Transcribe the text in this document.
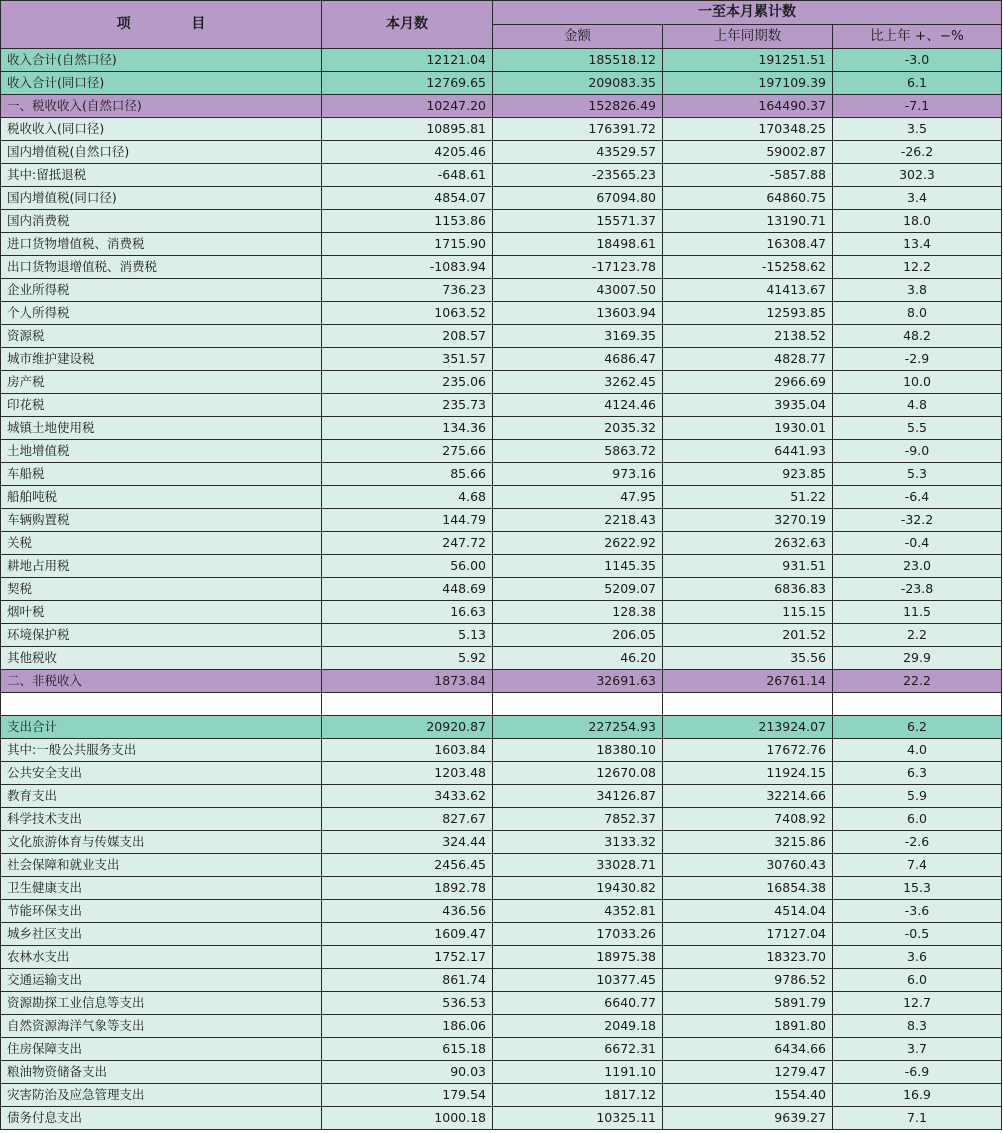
项 目	本月数	一至本月累计数		
		金额	上年同期数	比上年 +、−%
收入合计(自然口径)	12121.04	185518.12	191251.51	-3.0
收入合计(同口径)	12769.65	209083.35	197109.39	6.1
一、税收收入(自然口径)	10247.20	152826.49	164490.37	-7.1
税收收入(同口径)	10895.81	176391.72	170348.25	3.5
国内增值税(自然口径)	4205.46	43529.57	59002.87	-26.2
其中:留抵退税	-648.61	-23565.23	-5857.88	302.3
国内增值税(同口径)	4854.07	67094.80	64860.75	3.4
国内消费税	1153.86	15571.37	13190.71	18.0
进口货物增值税、消费税	1715.90	18498.61	16308.47	13.4
出口货物退增值税、消费税	-1083.94	-17123.78	-15258.62	12.2
企业所得税	736.23	43007.50	41413.67	3.8
个人所得税	1063.52	13603.94	12593.85	8.0
资源税	208.57	3169.35	2138.52	48.2
城市维护建设税	351.57	4686.47	4828.77	-2.9
房产税	235.06	3262.45	2966.69	10.0
印花税	235.73	4124.46	3935.04	4.8
城镇土地使用税	134.36	2035.32	1930.01	5.5
土地增值税	275.66	5863.72	6441.93	-9.0
车船税	85.66	973.16	923.85	5.3
船舶吨税	4.68	47.95	51.22	-6.4
车辆购置税	144.79	2218.43	3270.19	-32.2
关税	247.72	2622.92	2632.63	-0.4
耕地占用税	56.00	1145.35	931.51	23.0
契税	448.69	5209.07	6836.83	-23.8
烟叶税	16.63	128.38	115.15	11.5
环境保护税	5.13	206.05	201.52	2.2
其他税收	5.92	46.20	35.56	29.9
二、非税收入	1873.84	32691.63	26761.14	22.2

支出合计	20920.87	227254.93	213924.07	6.2
其中:一般公共服务支出	1603.84	18380.10	17672.76	4.0
公共安全支出	1203.48	12670.08	11924.15	6.3
教育支出	3433.62	34126.87	32214.66	5.9
科学技术支出	827.67	7852.37	7408.92	6.0
文化旅游体育与传媒支出	324.44	3133.32	3215.86	-2.6
社会保障和就业支出	2456.45	33028.71	30760.43	7.4
卫生健康支出	1892.78	19430.82	16854.38	15.3
节能环保支出	436.56	4352.81	4514.04	-3.6
城乡社区支出	1609.47	17033.26	17127.04	-0.5
农林水支出	1752.17	18975.38	18323.70	3.6
交通运输支出	861.74	10377.45	9786.52	6.0
资源勘探工业信息等支出	536.53	6640.77	5891.79	12.7
自然资源海洋气象等支出	186.06	2049.18	1891.80	8.3
住房保障支出	615.18	6672.31	6434.66	3.7
粮油物资储备支出	90.03	1191.10	1279.47	-6.9
灾害防治及应急管理支出	179.54	1817.12	1554.40	16.9
债务付息支出	1000.18	10325.11	9639.27	7.1
